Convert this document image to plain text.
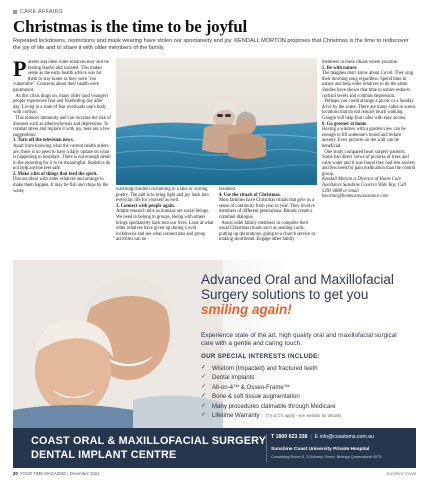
CARE AFFAIRS
Christmas is the time to be joyful

Repeated lockdowns, restrictions and mask wearing have stolen our spontaneity and joy. KENDALL MORTON proposes that Christmas is the time to rediscover the joy of life and to share it with older members of the family.

Parents and other older relatives may still be feeling fearful and isolated. This makes sense as the early health advice was for them to stay home as they were "too vulnerable". Concerns about their health were paramount.

As this crisis drags on, many older (and younger) people experience fear and foreboding day after day. Living in a state of fear overloads one's body with cortisol.

This reduces immunity and can increase the risk of diseases such as atherosclerosis and depression. To combat stress and replace it with joy, here are a few suggestions:

1. Turn off the television news.

Apart from knowing what the current health orders are, there is no need to have a daily update on what is happening in hospitals. There is not enough detail in the reporting for it to be meaningful. Statistics do not help anyone feel safe.

2. Make a list of things that feed the spirit.

Discuss ideas with older relatives and arrange to make them happen. It may be fish and chips by the water,	watching children swimming in a lake or writing poetry. The aim is to bring light and joy back into everyday life for yourself as well.

3. Connect with people again.

Ample research tells us humans are social beings. We need to belong to groups. Being with others brings spontaneity back into our lives. Look at what older relatives have given up during Covid lockdowns and see what connections and group activities can be

resumed.

4. Use the rituals of Christmas.

Most families have Christmas rituals that give us a sense of continuity from year to year. They involve members of different generations. Rituals create a common dialogue.

Assist older family members to complete their usual Christmas rituals such as sending cards, putting up decorations, going to a church service or making shortbread. Engage other family

members in these rituals where possible.

5. Be with nature.

The magpies don't know about Covid. They sing their morning song regardless. Spend time in nature and help older relatives to do the same. Studies have shown that time in nature reduces cortisol levels and combats depression.

Perhaps you could arrange a picnic or a Sunday drive by the water. There are many cafes in scenic locations that do not require much walking. Google will help find cafes with easy access.

6. Go greener at home.

Having a window with a garden view can be enough to lift someone's mood and reduce anxiety. Even pictures on the wall can be beneficial.

One study compared heart surgery patients. Some had direct views of pictures of trees and calm water and it was found they had less anxiety and less need for pain medication than the control group.

Kendall Morton is Director of Home Care Assistance Sunshine Coast to Wide Bay. Call 5491 6888 or email kmorton@homecareassistance.com

Advanced Oral and Maxillofacial
Surgery solutions to get you
smiling again!

Experience state of the art, high quality oral and maxillofacial surgical care with a gentle and caring touch.

OUR SPECIAL INTERESTS INCLUDE:

✓ Wisdom (Impacted) and fractured teeth
✓ Dental Implants
✓ All-on-4™ & Osseo-Frame™
✓ Bone & soft tissue augmentation
✓ Many procedures claimable through Medicare
✓ Lifetime Warranty (T's & C's apply - see website for details)
COAST ORAL & MAXILLOFACIAL SURGERY
DENTAL IMPLANT CENTRE
T 1800 623 338 | E info@coastoms.com.au
Sunshine Coast University Private Hospital
Consulting Room 5, 3 Doherty Street, Birtinya Queensland 4575
20 YOUR TIME MAGAZINE | December 2021	Sunshine Coast
